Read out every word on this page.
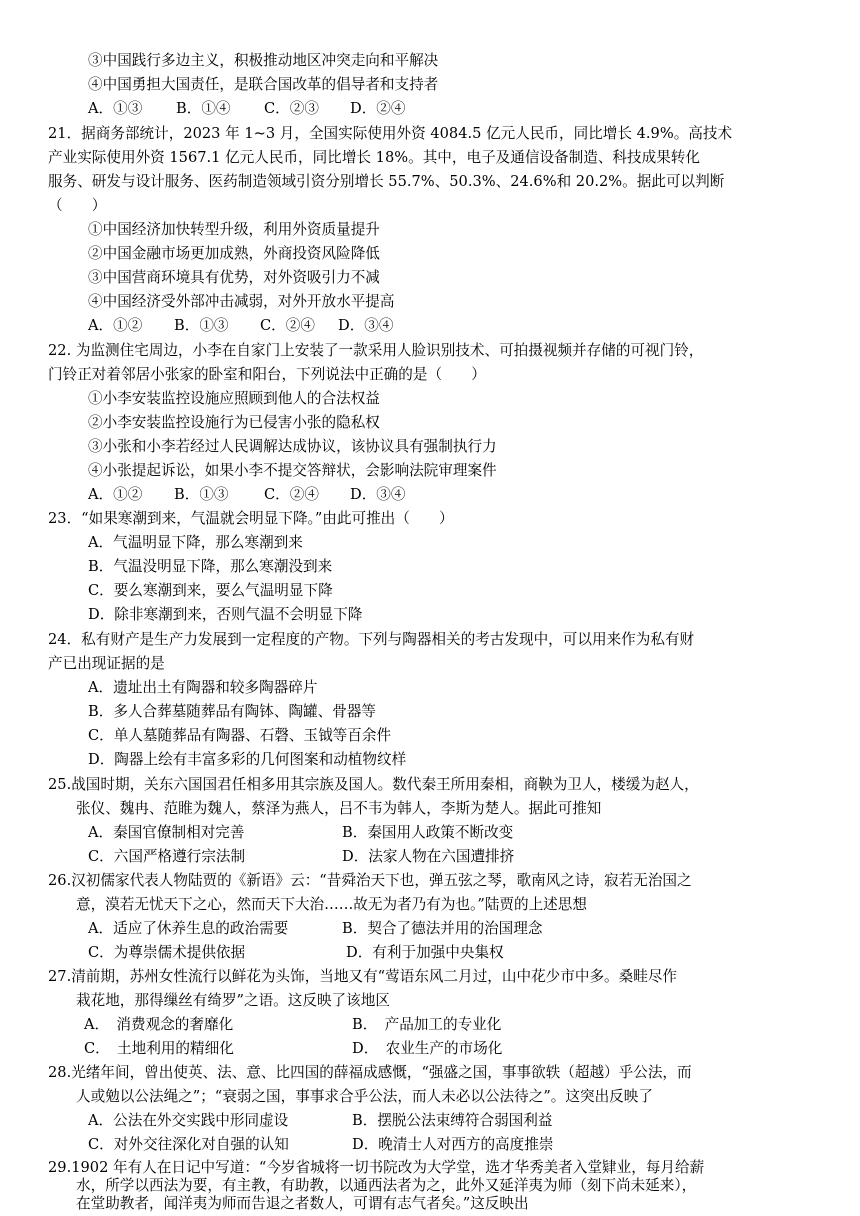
③中国践行多边主义，积极推动地区冲突走向和平解决
④中国勇担大国责任，是联合国改革的倡导者和支持者
A．①③ B．①④ C．②③ D．②④
21．据商务部统计，2023 年 1~3 月，全国实际使用外资 4084.5 亿元人民币，同比增长 4.9%。高技术
产业实际使用外资 1567.1 亿元人民币，同比增长 18%。其中，电子及通信设备制造、科技成果转化
服务、研发与设计服务、医药制造领域引资分别增长 55.7%、50.3%、24.6%和 20.2%。据此可以判断
（　　）
①中国经济加快转型升级，利用外资质量提升
②中国金融市场更加成熟，外商投资风险降低
③中国营商环境具有优势，对外资吸引力不减
④中国经济受外部冲击减弱，对外开放水平提高
A．①② B．①③ C．②④ D．③④
22. 为监测住宅周边，小李在自家门上安装了一款采用人脸识别技术、可拍摄视频并存储的可视门铃，
门铃正对着邻居小张家的卧室和阳台，下列说法中正确的是（　　）
①小李安装监控设施应照顾到他人的合法权益
②小李安装监控设施行为已侵害小张的隐私权
③小张和小李若经过人民调解达成协议，该协议具有强制执行力
④小张提起诉讼，如果小李不提交答辩状，会影响法院审理案件
A．①② B．①③ C．②④ D．③④
23．“如果寒潮到来，气温就会明显下降。”由此可推出（　　）
A．气温明显下降，那么寒潮到来
B．气温没明显下降，那么寒潮没到来
C．要么寒潮到来，要么气温明显下降
D．除非寒潮到来，否则气温不会明显下降
24．私有财产是生产力发展到一定程度的产物。下列与陶器相关的考古发现中，可以用来作为私有财
产已出现证据的是
A．遗址出土有陶器和较多陶器碎片
B．多人合葬墓随葬品有陶钵、陶罐、骨器等
C．单人墓随葬品有陶器、石磬、玉钺等百余件
D．陶器上绘有丰富多彩的几何图案和动植物纹样
25.战国时期，关东六国国君任相多用其宗族及国人。数代秦王所用秦相，商鞅为卫人，楼缓为赵人，
张仪、魏冉、范睢为魏人，蔡泽为燕人，吕不韦为韩人，李斯为楚人。据此可推知
A．秦国官僚制相对完善	B．秦国用人政策不断改变
C．六国严格遵行宗法制	D．法家人物在六国遭排挤
26.汉初儒家代表人物陆贾的《新语》云：“昔舜治天下也，弹五弦之琴，歌南风之诗，寂若无治国之
意，漠若无忧天下之心，然而天下大治……故无为者乃有为也。”陆贾的上述思想
A．适应了休养生息的政治需要	B．契合了德法并用的治国理念
C．为尊崇儒术提供依据	D．有利于加强中央集权
27.清前期，苏州女性流行以鲜花为头饰，当地又有“莺语东风二月过，山中花少市中多。桑畦尽作
栽花地，那得缫丝有绮罗”之语。这反映了该地区
A．　消费观念的奢靡化	B．　产品加工的专业化
C．　土地利用的精细化	D．　农业生产的市场化
28.光绪年间，曾出使英、法、意、比四国的薛福成感慨，“强盛之国，事事欲轶（超越）乎公法，而
人或勉以公法绳之”；“衰弱之国，事事求合乎公法，而人未必以公法待之”。这突出反映了
A．公法在外交实践中形同虚设	B．摆脱公法束缚符合弱国利益
C．对外交往深化对自强的认知	D．晚清士人对西方的高度推崇
29.1902 年有人在日记中写道：“今岁省城将一切书院改为大学堂，选才华秀美者入堂肄业，每月给薪
水，所学以西法为要，有主教，有助教，以通西法者为之，此外又延洋夷为师（刻下尚未延来），
在堂助教者，闻洋夷为师而告退之者数人，可谓有志气者矣。”这反映出
